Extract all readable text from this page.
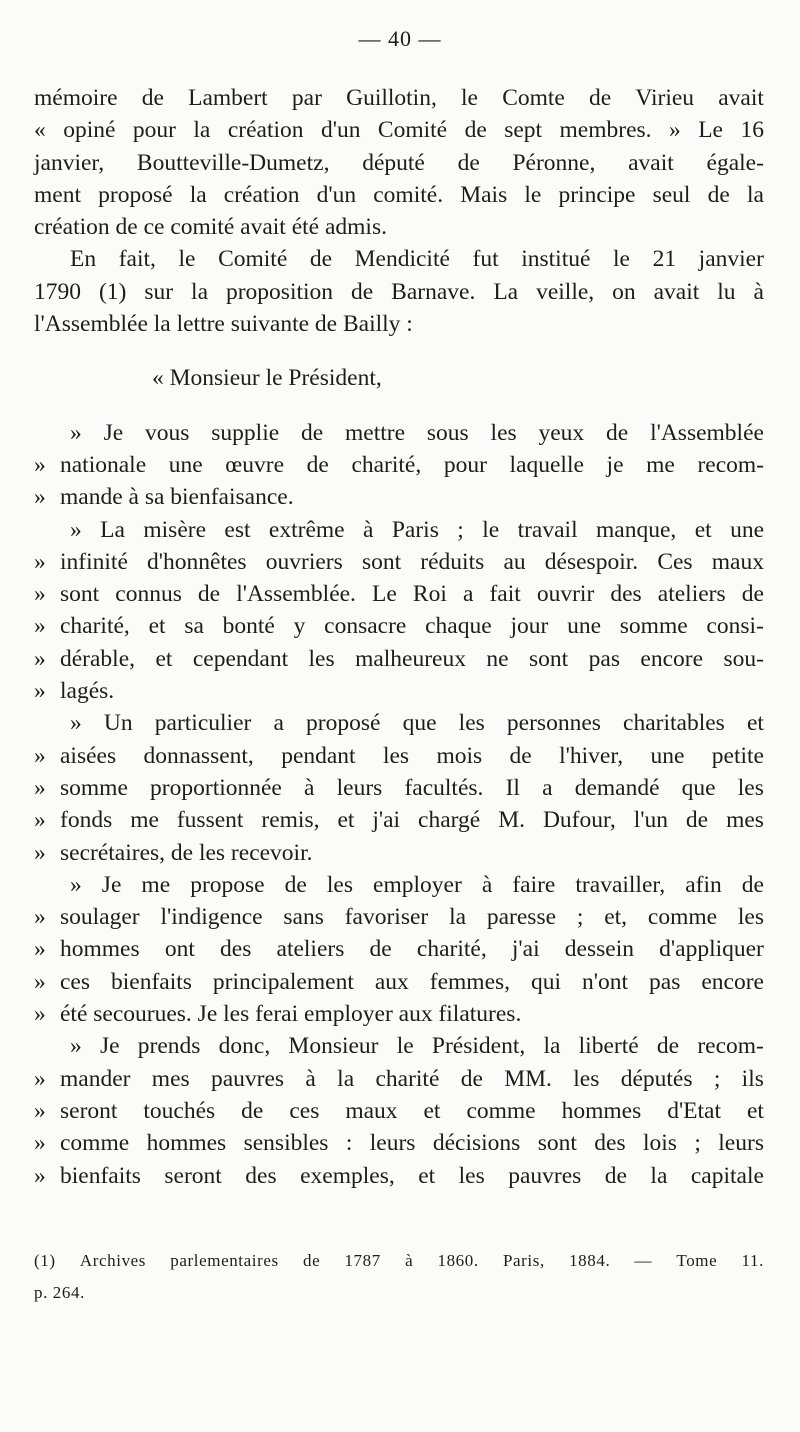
— 40 —
mémoire de Lambert par Guillotin, le Comte de Virieu avait
« opiné pour la création d'un Comité de sept membres. » Le 16
janvier, Boutteville-Dumetz, député de Péronne, avait égale-
ment proposé la création d'un comité. Mais le principe seul de la
création de ce comité avait été admis.
En fait, le Comité de Mendicité fut institué le 21 janvier
1790 (1) sur la proposition de Barnave. La veille, on avait lu à
l'Assemblée la lettre suivante de Bailly :
« Monsieur le Président,
» Je vous supplie de mettre sous les yeux de l'Assemblée
» nationale une œuvre de charité, pour laquelle je me recom-
» mande à sa bienfaisance.
» La misère est extrême à Paris ; le travail manque, et une
» infinité d'honnêtes ouvriers sont réduits au désespoir. Ces maux
» sont connus de l'Assemblée. Le Roi a fait ouvrir des ateliers de
» charité, et sa bonté y consacre chaque jour une somme consi-
» dérable, et cependant les malheureux ne sont pas encore sou-
» lagés.
» Un particulier a proposé que les personnes charitables et
» aisées donnassent, pendant les mois de l'hiver, une petite
» somme proportionnée à leurs facultés. Il a demandé que les
» fonds me fussent remis, et j'ai chargé M. Dufour, l'un de mes
» secrétaires, de les recevoir.
» Je me propose de les employer à faire travailler, afin de
» soulager l'indigence sans favoriser la paresse ; et, comme les
» hommes ont des ateliers de charité, j'ai dessein d'appliquer
» ces bienfaits principalement aux femmes, qui n'ont pas encore
» été secourues. Je les ferai employer aux filatures.
» Je prends donc, Monsieur le Président, la liberté de recom-
» mander mes pauvres à la charité de MM. les députés ; ils
» seront touchés de ces maux et comme hommes d'Etat et
» comme hommes sensibles : leurs décisions sont des lois ; leurs
» bienfaits seront des exemples, et les pauvres de la capitale
(1) Archives parlementaires de 1787 à 1860. Paris, 1884. — Tome 11.
p. 264.
